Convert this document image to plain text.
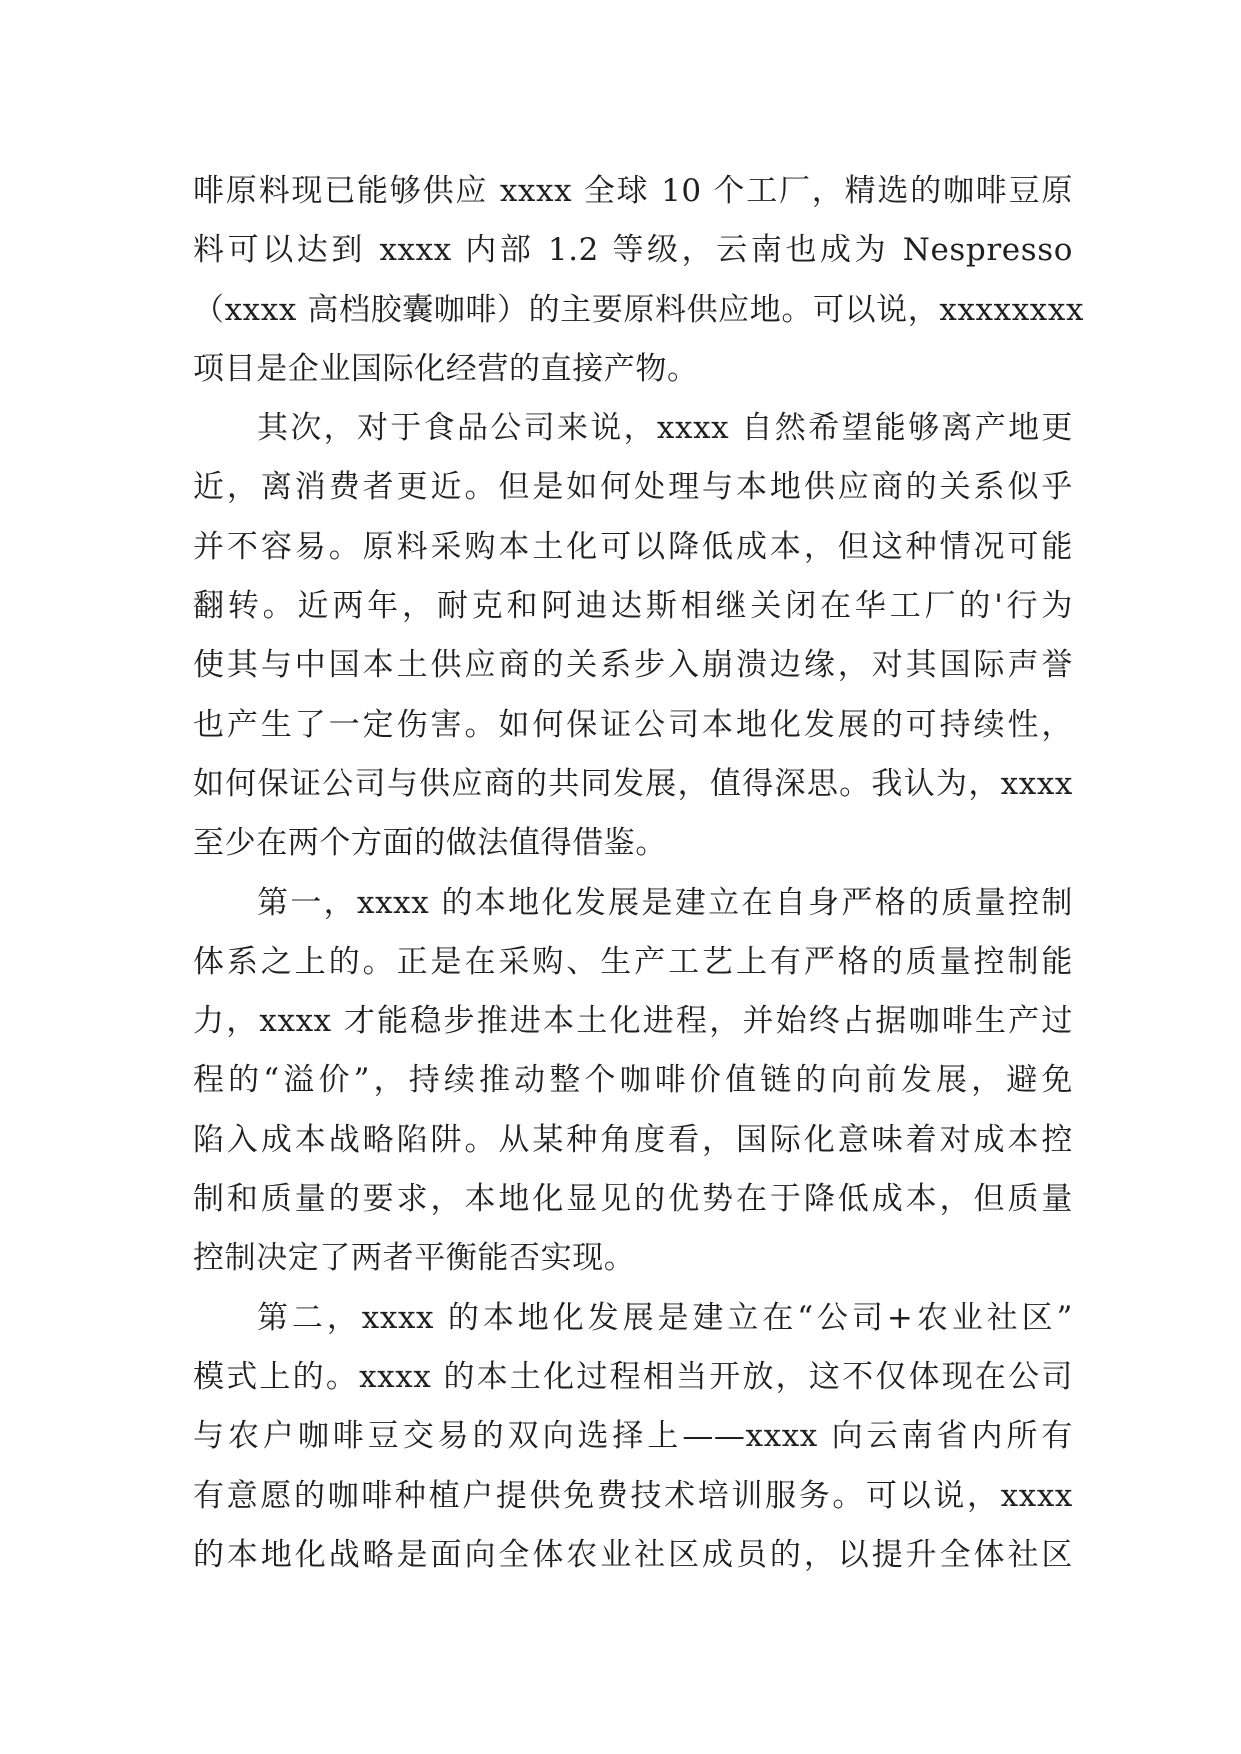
啡原料现已能够供应 xxxx 全球 10 个工厂，精选的咖啡豆原
料可以达到 xxxx 内部 1.2 等级，云南也成为 Nespresso
（xxxx 高档胶囊咖啡）的主要原料供应地。可以说，xxxxxxxx
项目是企业国际化经营的直接产物。
其次，对于食品公司来说，xxxx 自然希望能够离产地更
近，离消费者更近。但是如何处理与本地供应商的关系似乎
并不容易。原料采购本土化可以降低成本，但这种情况可能
翻转。近两年，耐克和阿迪达斯相继关闭在华工厂的'行为
使其与中国本土供应商的关系步入崩溃边缘，对其国际声誉
也产生了一定伤害。如何保证公司本地化发展的可持续性，
如何保证公司与供应商的共同发展，值得深思。我认为，xxxx
至少在两个方面的做法值得借鉴。
第一，xxxx 的本地化发展是建立在自身严格的质量控制
体系之上的。正是在采购、生产工艺上有严格的质量控制能
力，xxxx 才能稳步推进本土化进程，并始终占据咖啡生产过
程的“溢价”，持续推动整个咖啡价值链的向前发展，避免
陷入成本战略陷阱。从某种角度看，国际化意味着对成本控
制和质量的要求，本地化显见的优势在于降低成本，但质量
控制决定了两者平衡能否实现。
第二，xxxx 的本地化发展是建立在“公司+农业社区”
模式上的。xxxx 的本土化过程相当开放，这不仅体现在公司
与农户咖啡豆交易的双向选择上——xxxx 向云南省内所有
有意愿的咖啡种植户提供免费技术培训服务。可以说，xxxx
的本地化战略是面向全体农业社区成员的，以提升全体社区
